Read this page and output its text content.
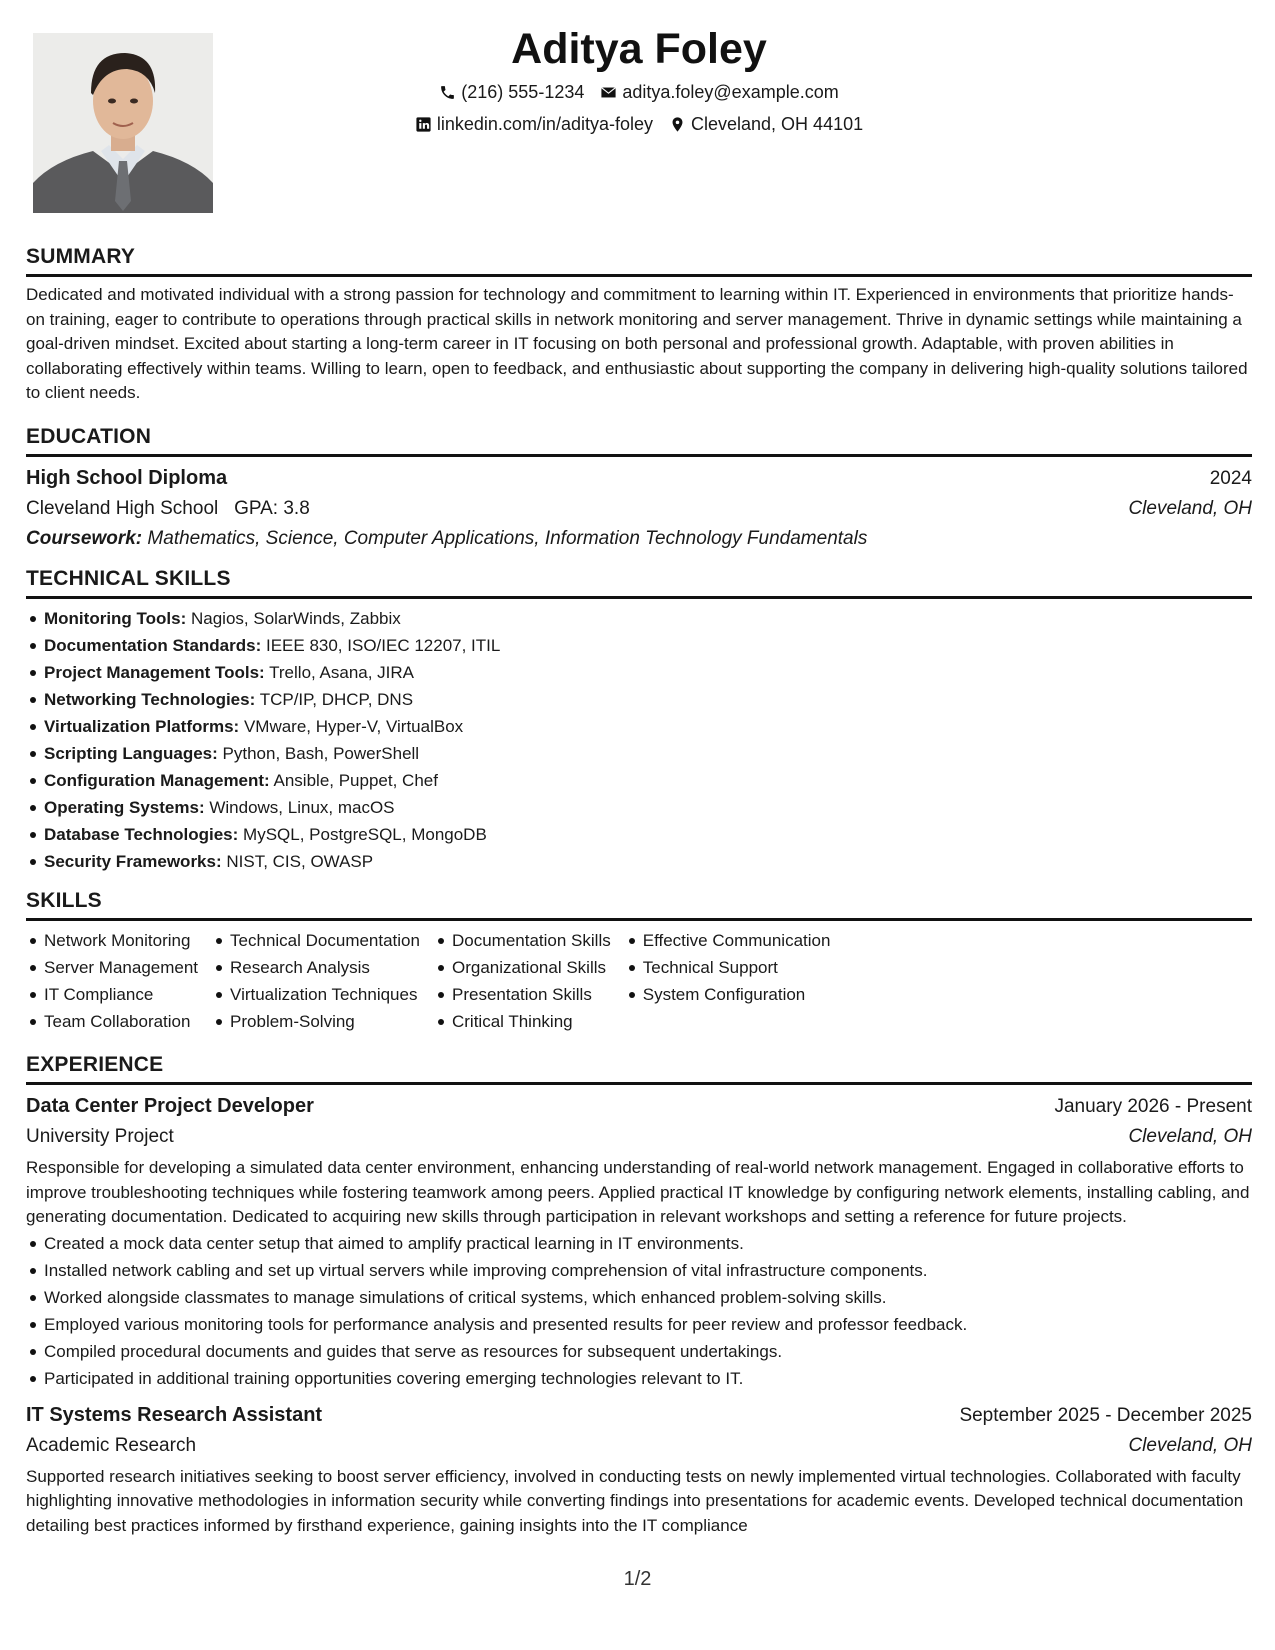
Aditya Foley
(216) 555-1234 aditya.foley@example.com
linkedin.com/in/aditya-foley Cleveland, OH 44101
SUMMARY

Dedicated and motivated individual with a strong passion for technology and commitment to learning within IT. Experienced in environments that prioritize hands-on training, eager to contribute to operations through practical skills in network monitoring and server management. Thrive in dynamic settings while maintaining a goal-driven mindset. Excited about starting a long-term career in IT focusing on both personal and professional growth. Adaptable, with proven abilities in collaborating effectively within teams. Willing to learn, open to feedback, and enthusiastic about supporting the company in delivering high-quality solutions tailored to client needs.

EDUCATION
High School Diploma	2024
Cleveland High School GPA: 3.8	Cleveland, OH
Coursework: Mathematics, Science, Computer Applications, Information Technology Fundamentals
TECHNICAL SKILLS
Monitoring Tools: Nagios, SolarWinds, Zabbix
Documentation Standards: IEEE 830, ISO/IEC 12207, ITIL
Project Management Tools: Trello, Asana, JIRA
Networking Technologies: TCP/IP, DHCP, DNS
Virtualization Platforms: VMware, Hyper-V, VirtualBox
Scripting Languages: Python, Bash, PowerShell
Configuration Management: Ansible, Puppet, Chef
Operating Systems: Windows, Linux, macOS
Database Technologies: MySQL, PostgreSQL, MongoDB
Security Frameworks: NIST, CIS, OWASP
SKILLS
Network Monitoring
Server Management
IT Compliance
Team Collaboration
Technical Documentation
Research Analysis
Virtualization Techniques
Problem-Solving
Documentation Skills
Organizational Skills
Presentation Skills
Critical Thinking
Effective Communication
Technical Support
System Configuration
EXPERIENCE
Data Center Project Developer	January 2026 - Present
University Project	Cleveland, OH

Responsible for developing a simulated data center environment, enhancing understanding of real-world network management. Engaged in collaborative efforts to improve troubleshooting techniques while fostering teamwork among peers. Applied practical IT knowledge by configuring network elements, installing cabling, and generating documentation. Dedicated to acquiring new skills through participation in relevant workshops and setting a reference for future projects.

Created a mock data center setup that aimed to amplify practical learning in IT environments.
Installed network cabling and set up virtual servers while improving comprehension of vital infrastructure components.
Worked alongside classmates to manage simulations of critical systems, which enhanced problem-solving skills.
Employed various monitoring tools for performance analysis and presented results for peer review and professor feedback.
Compiled procedural documents and guides that serve as resources for subsequent undertakings.
Participated in additional training opportunities covering emerging technologies relevant to IT.
IT Systems Research Assistant	September 2025 - December 2025
Academic Research	Cleveland, OH

Supported research initiatives seeking to boost server efficiency, involved in conducting tests on newly implemented virtual technologies. Collaborated with faculty highlighting innovative methodologies in information security while converting findings into presentations for academic events. Developed technical documentation detailing best practices informed by firsthand experience, gaining insights into the IT compliance

1/2
